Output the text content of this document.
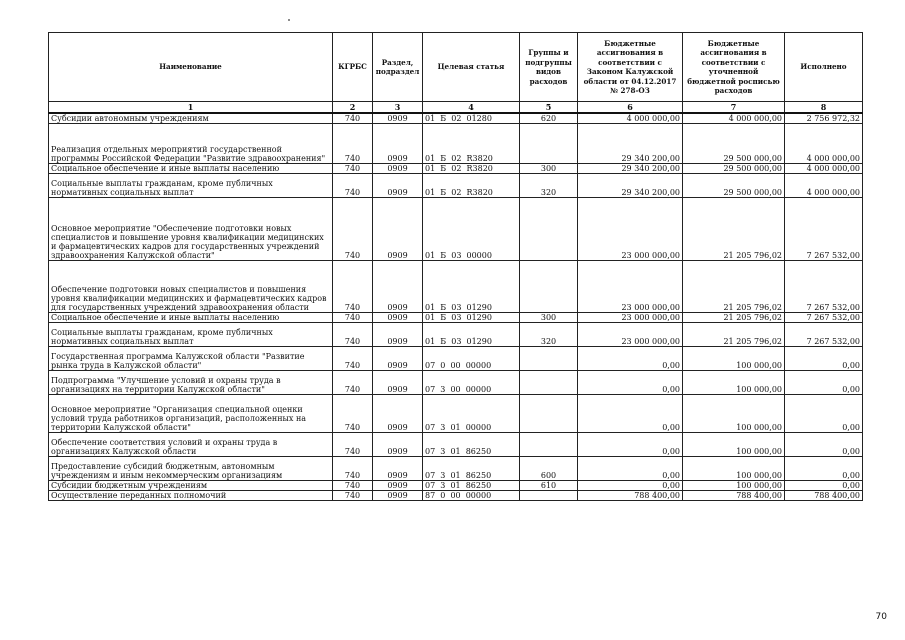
Наименование	КГРБС	Раздел, подраздел	Целевая статья	Группы и подгруппы видов расходов	Бюджетные ассигнования в соответствии с Законом Калужской области от 04.12.2017 № 278-ОЗ	Бюджетные ассигнования в соответствии с уточненной бюджетной росписью расходов	Исполнено
1	2	3	4	5	6	7	8
Субсидии автономным учреждениям	740	0909	01  Б  02  01280	620	4 000 000,00	4 000 000,00	2 756 972,32
Реализация отдельных мероприятий государственной программы Российской Федерации "Развитие здравоохранения"	740	0909	01  Б  02  R3820		29 340 200,00	29 500 000,00	4 000 000,00
Социальное обеспечение и иные выплаты населению	740	0909	01  Б  02  R3820	300	29 340 200,00	29 500 000,00	4 000 000,00
Социальные выплаты гражданам, кроме публичных нормативных социальных выплат	740	0909	01  Б  02  R3820	320	29 340 200,00	29 500 000,00	4 000 000,00
Основное мероприятие "Обеспечение подготовки новых специалистов и повышение уровня квалификации медицинских и фармацевтических кадров для государственных учреждений здравоохранения Калужской области"	740	0909	01  Б  03  00000		23 000 000,00	21 205 796,02	7 267 532,00
Обеспечение подготовки новых специалистов и повышения уровня квалификации медицинских и фармацевтических кадров для государственных учреждений здравоохранения области	740	0909	01  Б  03  01290		23 000 000,00	21 205 796,02	7 267 532,00
Социальное обеспечение и иные выплаты населению	740	0909	01  Б  03  01290	300	23 000 000,00	21 205 796,02	7 267 532,00
Социальные выплаты гражданам, кроме публичных нормативных социальных выплат	740	0909	01  Б  03  01290	320	23 000 000,00	21 205 796,02	7 267 532,00
Государственная программа Калужской области "Развитие рынка труда в Калужской области"	740	0909	07  0  00  00000		0,00	100 000,00	0,00
Подпрограмма "Улучшение условий и охраны труда в организациях на территории Калужской области"	740	0909	07  3  00  00000		0,00	100 000,00	0,00
Основное мероприятие "Организация специальной оценки условий труда работников организаций, расположенных на территории Калужской области"	740	0909	07  3  01  00000		0,00	100 000,00	0,00
Обеспечение соответствия условий и охраны труда в организациях Калужской области	740	0909	07  3  01  86250		0,00	100 000,00	0,00
Предоставление субсидий бюджетным, автономным учреждениям и иным некоммерческим организациям	740	0909	07  3  01  86250	600	0,00	100 000,00	0,00
Субсидии бюджетным учреждениям	740	0909	07  3  01  86250	610	0,00	100 000,00	0,00
Осуществление переданных полномочий	740	0909	87  0  00  00000		788 400,00	788 400,00	788 400,00
70
